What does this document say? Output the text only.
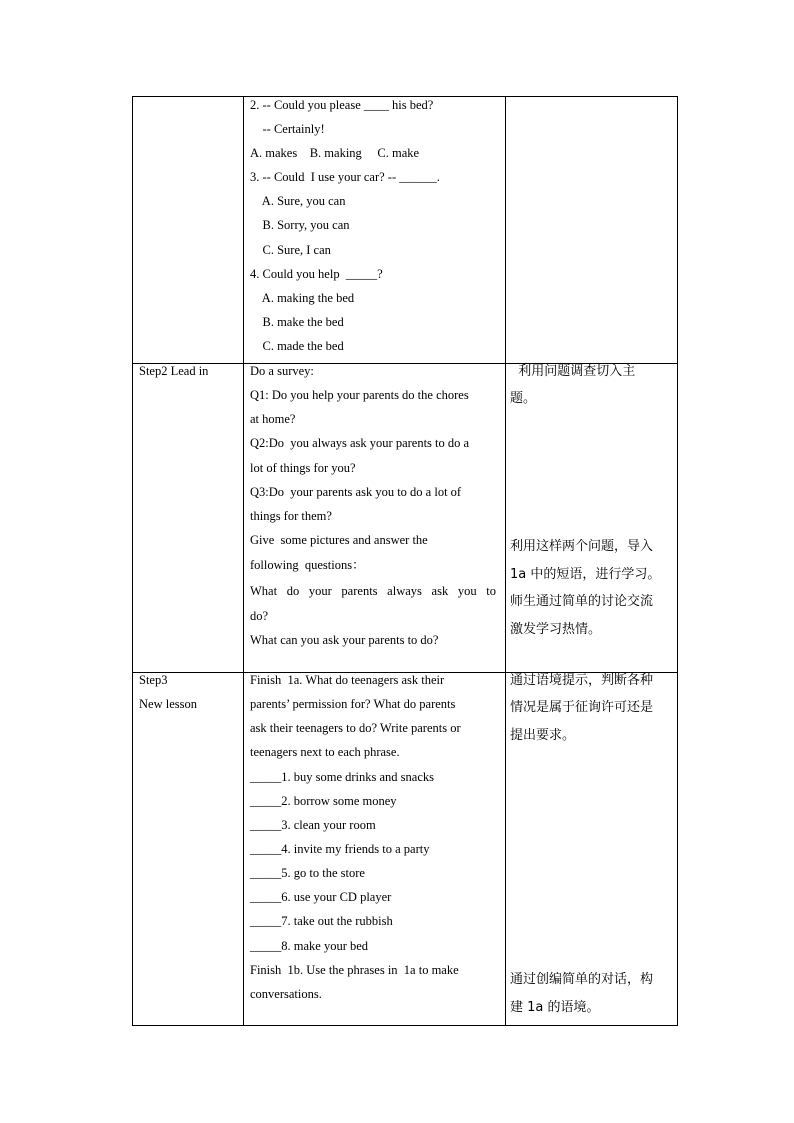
2. -- Could you please ____ his bed?
-- Certainly!
A. makes    B. making     C. make
3. -- Could  I use your car? -- ______.
A. Sure, you can
B. Sorry, you can
C. Sure, I can
4. Could you help  _____?
A. making the bed
B. make the bed
C. made the bed
Step2 Lead in	Do a survey:
Q1: Do you help your parents do the chores
at home?
Q2:Do  you always ask your parents to do a
lot of things for you?
Q3:Do  your parents ask you to do a lot of
things for them?
Give  some pictures and answer the
following  questions：
What do your parents always ask you to
do?
What can you ask your parents to do?
利用问题调查切入主
题。
利用这样两个问题，导入
1a 中的短语，进行学习。
师生通过简单的讨论交流
激发学习热情。
Step3
New lesson
Finish  1a. What do teenagers ask their
parents’ permission for? What do parents
ask their teenagers to do? Write parents or
teenagers next to each phrase.
_____1. buy some drinks and snacks
_____2. borrow some money
_____3. clean your room
_____4. invite my friends to a party
_____5. go to the store
_____6. use your CD player
_____7. take out the rubbish
_____8. make your bed
Finish  1b. Use the phrases in  1a to make
conversations.
通过语境提示，判断各种
情况是属于征询许可还是
提出要求。
通过创编简单的对话，构
建 1a 的语境。
